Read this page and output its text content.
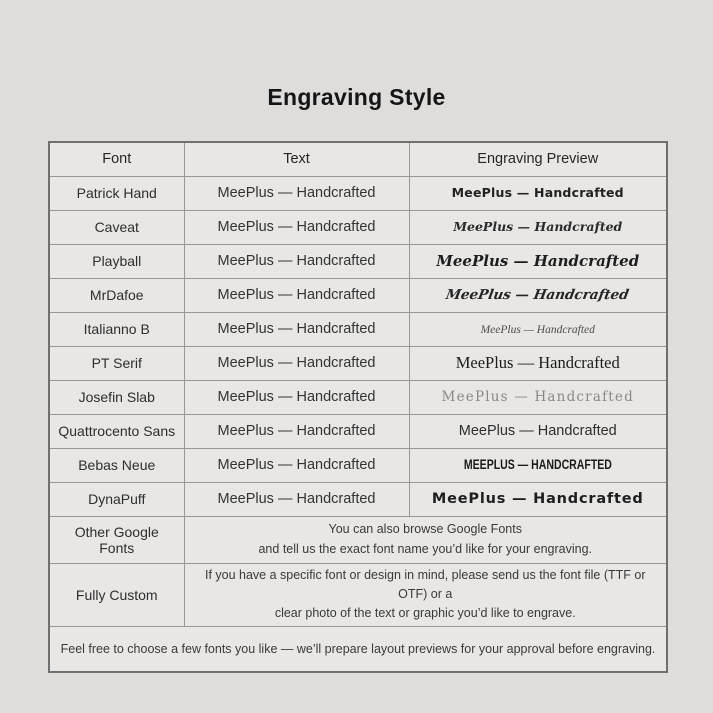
Engraving Style
Font	Text	Engraving Preview
Patrick Hand	MeePlus — Handcrafted	MeePlus — Handcrafted
Caveat	MeePlus — Handcrafted	MeePlus — Handcrafted
Playball	MeePlus — Handcrafted	MeePlus — Handcrafted
MrDafoe	MeePlus — Handcrafted	MeePlus — Handcrafted
Italianno B	MeePlus — Handcrafted	MeePlus — Handcrafted
PT Serif	MeePlus — Handcrafted	MeePlus — Handcrafted
Josefin Slab	MeePlus — Handcrafted	MeePlus — Handcrafted
Quattrocento Sans	MeePlus — Handcrafted	MeePlus — Handcrafted
Bebas Neue	MeePlus — Handcrafted	MEEPLUS — HANDCRAFTED
DynaPuff	MeePlus — Handcrafted	MeePlus — Handcrafted
Other Google Fonts	You can also browse Google Fonts
and tell us the exact font name you’d like for your engraving.	

Fully Custom	If you have a specific font or design in mind, please send us the font file (TTF or OTF) or a
clear photo of the text or graphic you’d like to engrave.	

Feel free to choose a few fonts you like — we’ll prepare layout previews for your approval before engraving.		
